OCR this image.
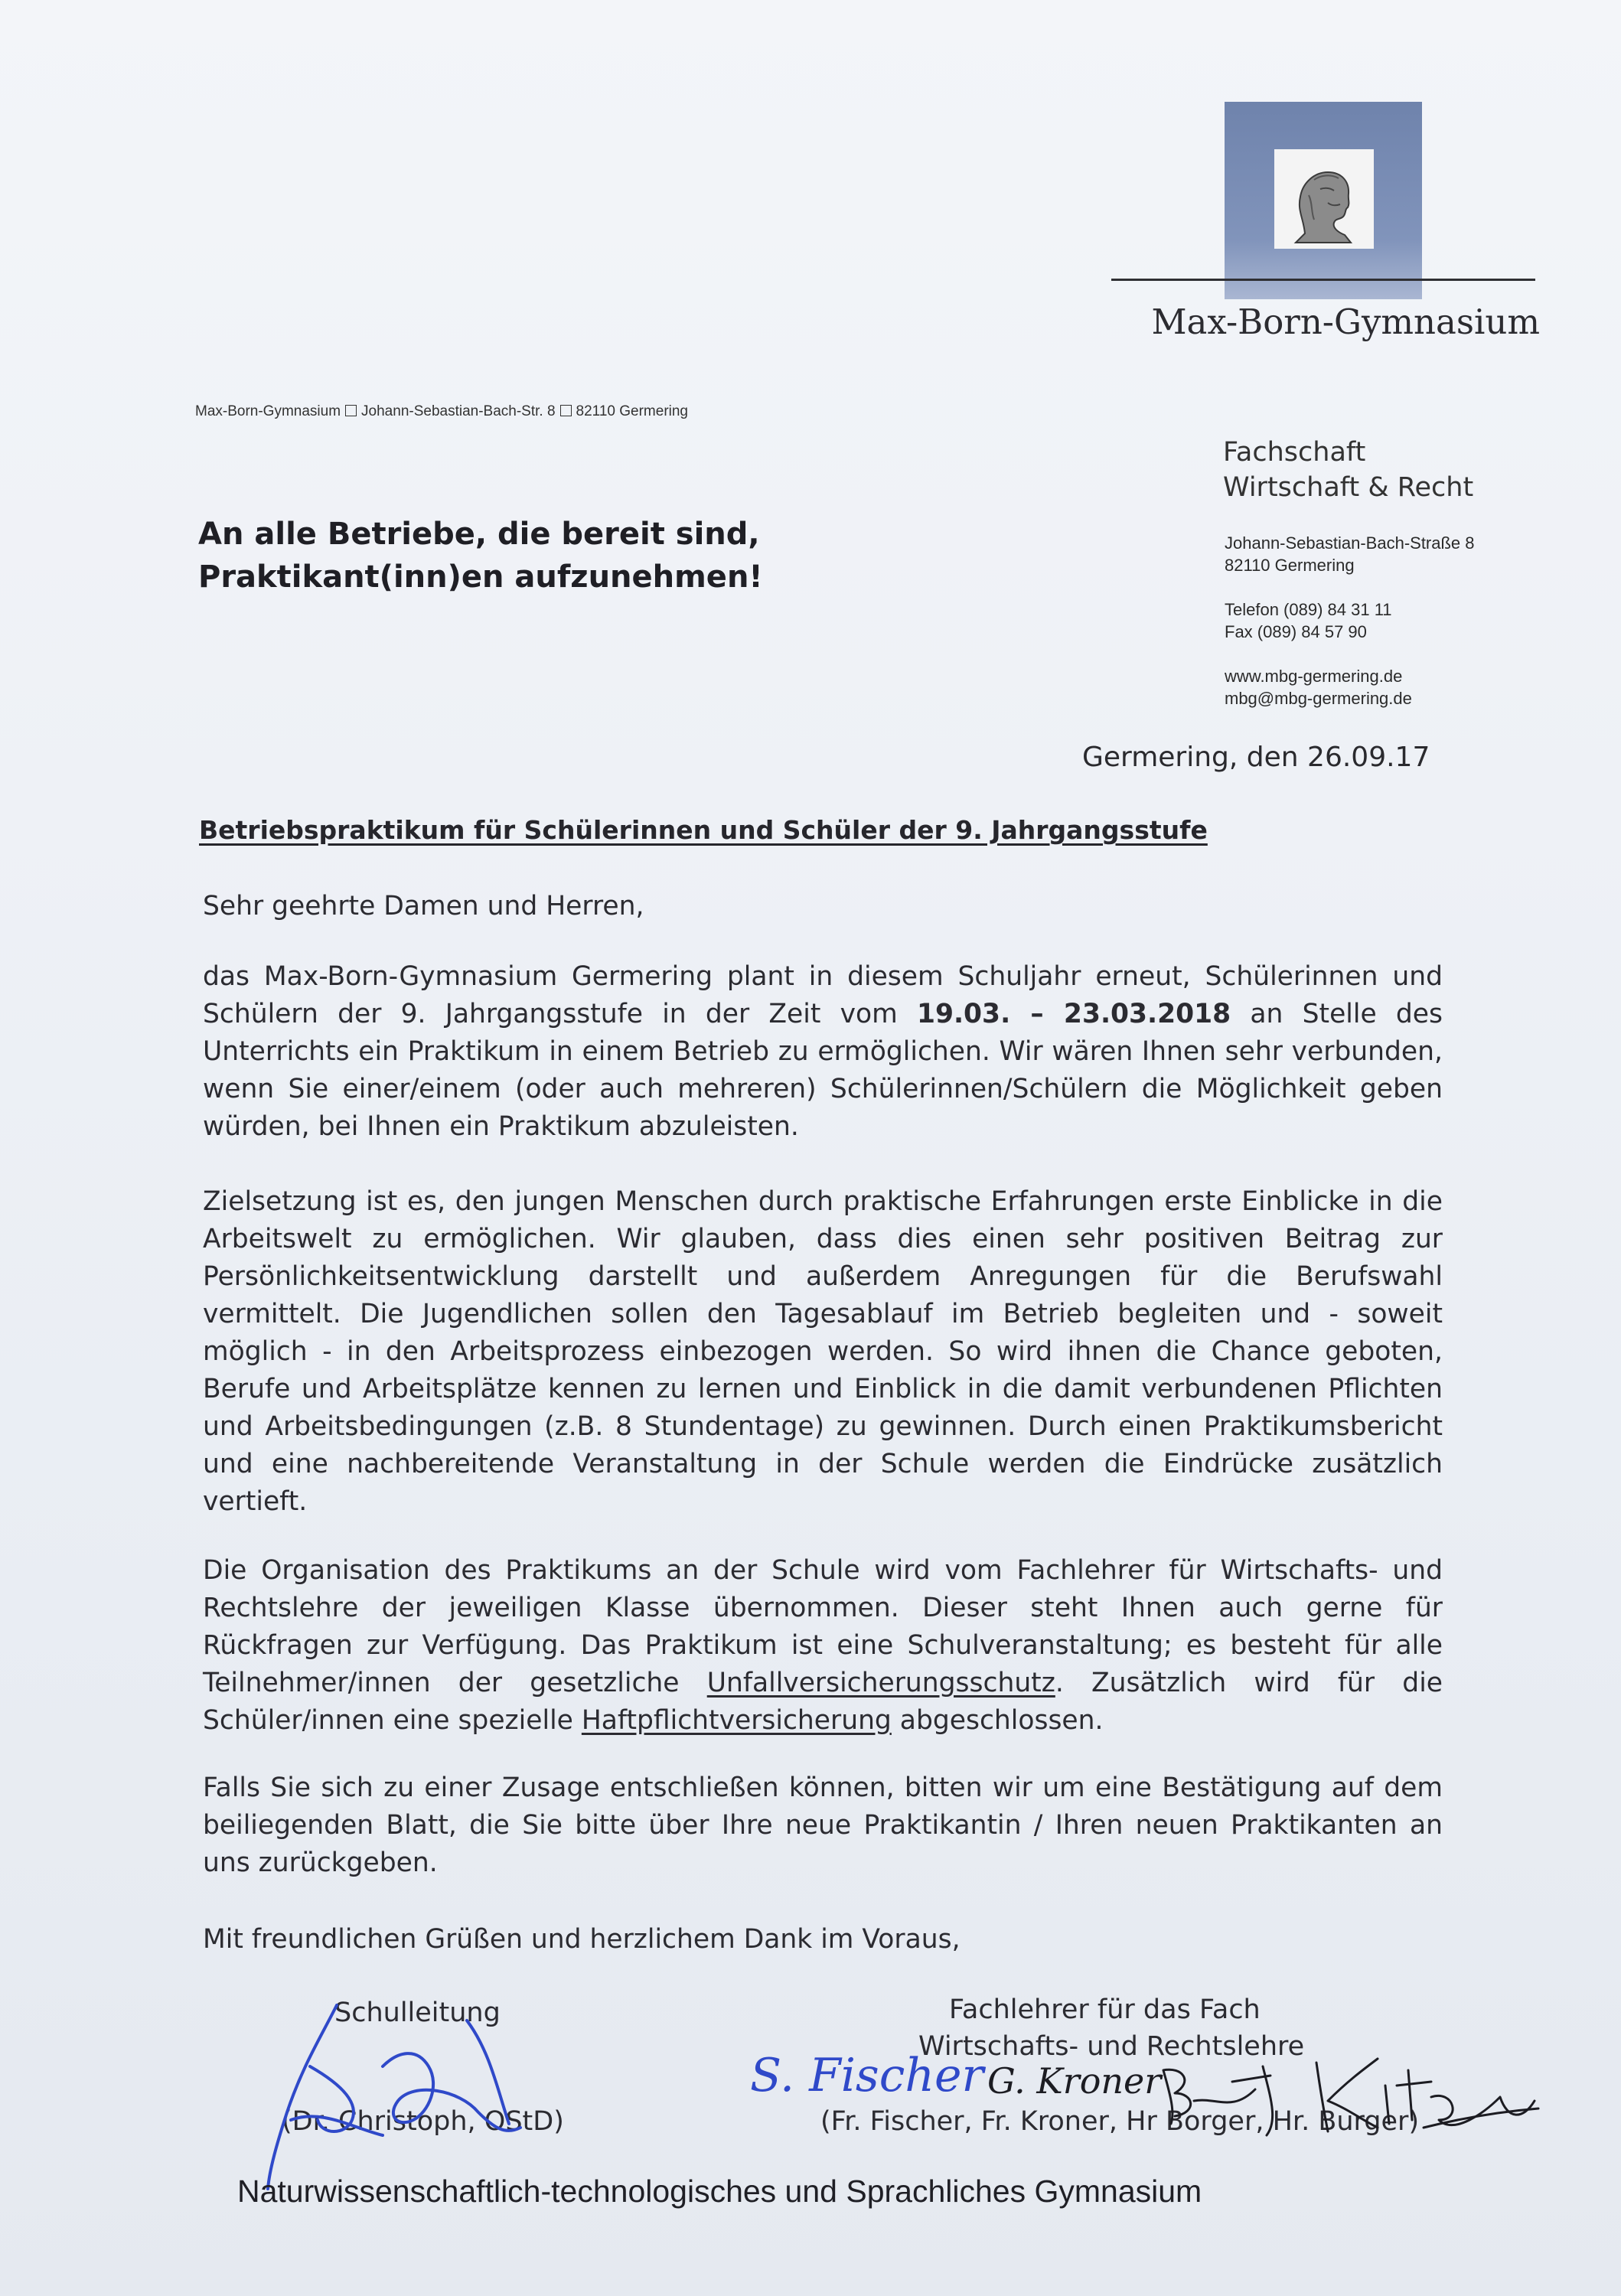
Max-Born-Gymnasium
Max-Born-Gymnasium Johann-Sebastian-Bach-Str. 8 82110 Germering
Fachschaft
Wirtschaft & Recht
Johann-Sebastian-Bach-Straße 8
82110 Germering
Telefon (089) 84 31 11
Fax (089) 84 57 90
www.mbg-germering.de
mbg@mbg-germering.de
An alle Betriebe, die bereit sind,
Praktikant(inn)en aufzunehmen!
Germering, den 26.09.17
Betriebspraktikum für Schülerinnen und Schüler der 9. Jahrgangsstufe
Sehr geehrte Damen und Herren,
das Max-Born-Gymnasium Germering plant in diesem Schuljahr erneut, Schülerinnen und Schülern der 9. Jahrgangsstufe in der Zeit vom 19.03. – 23.03.2018 an Stelle des Unterrichts ein Praktikum in einem Betrieb zu ermöglichen. Wir wären Ihnen sehr verbunden, wenn Sie einer/einem (oder auch mehreren) Schülerinnen/Schülern die Möglichkeit geben würden, bei Ihnen ein Praktikum abzuleisten.
Zielsetzung ist es, den jungen Menschen durch praktische Erfahrungen erste Einblicke in die Arbeitswelt zu ermöglichen. Wir glauben, dass dies einen sehr positiven Beitrag zur Persönlichkeitsentwicklung darstellt und außerdem Anregungen für die Berufswahl vermittelt. Die Jugendlichen sollen den Tagesablauf im Betrieb begleiten und - soweit möglich - in den Arbeitsprozess einbezogen werden. So wird ihnen die Chance geboten, Berufe und Arbeitsplätze kennen zu lernen und Einblick in die damit verbundenen Pflichten und Arbeitsbedingungen (z.B. 8 Stundentage) zu gewinnen. Durch einen Praktikumsbericht und eine nachbereitende Veranstaltung in der Schule werden die Eindrücke zusätzlich vertieft.
Die Organisation des Praktikums an der Schule wird vom Fachlehrer für Wirtschafts- und Rechtslehre der jeweiligen Klasse übernommen. Dieser steht Ihnen auch gerne für Rückfragen zur Verfügung. Das Praktikum ist eine Schulveranstaltung; es besteht für alle Teilnehmer/innen der gesetzliche Unfallversicherungsschutz. Zusätzlich wird für die Schüler/innen eine spezielle Haftpflichtversicherung abgeschlossen.
Falls Sie sich zu einer Zusage entschließen können, bitten wir um eine Bestätigung auf dem beiliegenden Blatt, die Sie bitte über Ihre neue Praktikantin / Ihren neuen Praktikanten an uns zurückgeben.
Mit freundlichen Grüßen und herzlichem Dank im Voraus,
Schulleitung
(Dr. Christoph, OStD)
Fachlehrer für das Fach
Wirtschafts- und Rechtslehre
(Fr. Fischer, Fr. Kroner, Hr Borger, Hr. Burger)
S. Fischer G. Kroner
Naturwissenschaftlich-technologisches und Sprachliches Gymnasium
